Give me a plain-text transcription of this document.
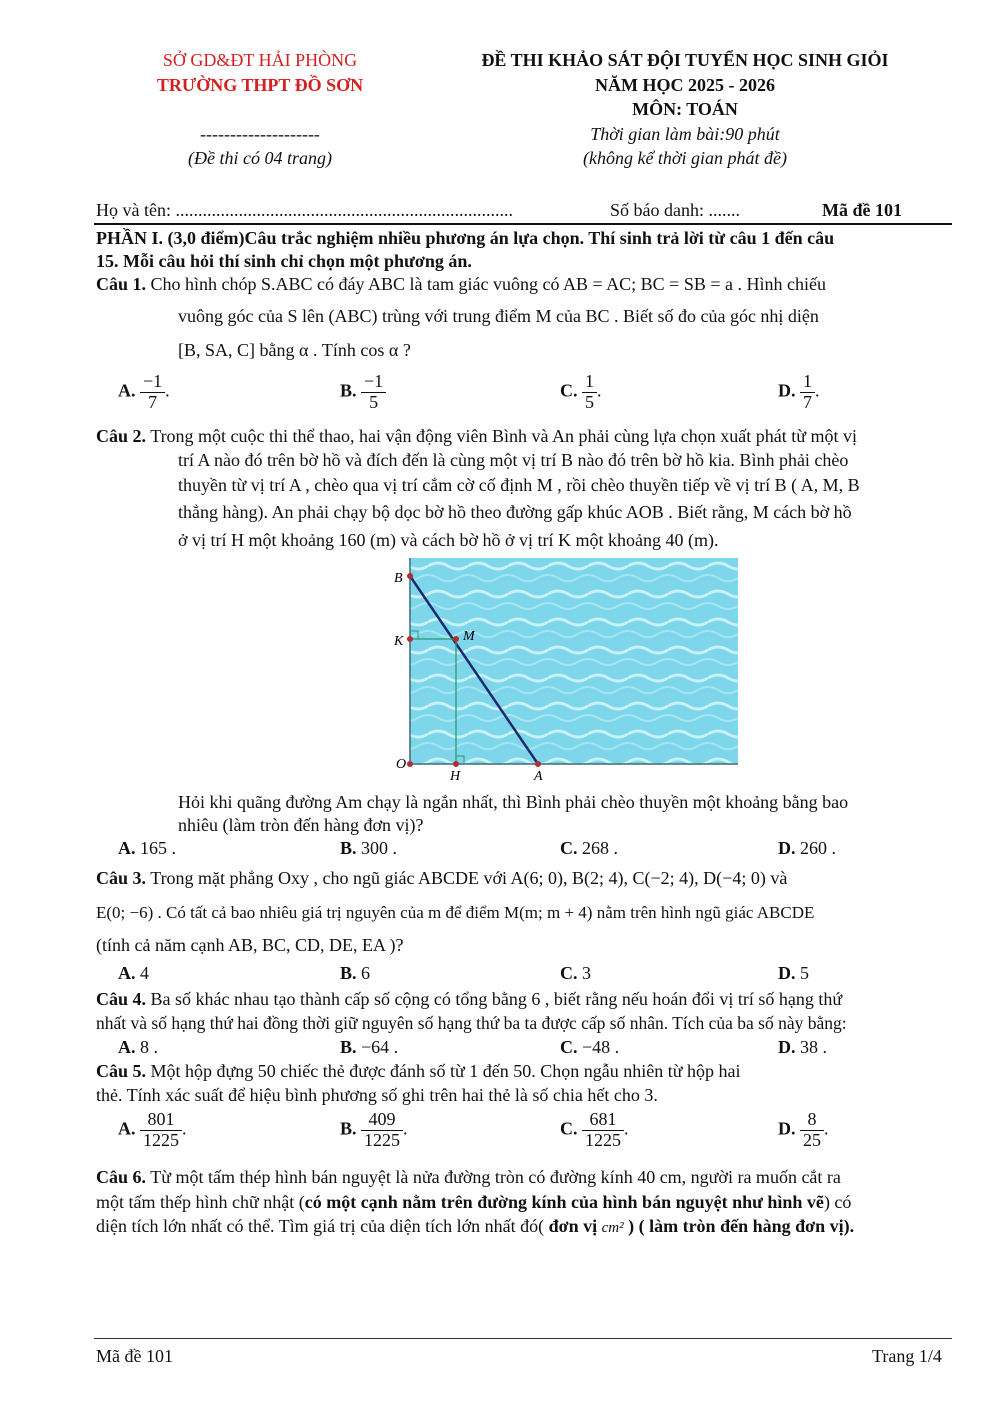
SỞ GD&ĐT HẢI PHÒNG
TRƯỜNG THPT ĐỒ SƠN
ĐỀ THI KHẢO SÁT ĐỘI TUYỂN HỌC SINH GIỎI
NĂM HỌC 2025 - 2026
MÔN: TOÁN
--------------------
(Đề thi có 04 trang)
Thời gian làm bài:90 phút
(không kể thời gian phát đề)
Họ và tên: ...........................................................................	Số báo danh: .......	Mã đề 101
PHẦN I. (3,0 điểm)Câu trắc nghiệm nhiều phương án lựa chọn. Thí sinh trả lời từ câu 1 đến câu
15. Mỗi câu hỏi thí sinh chỉ chọn một phương án.
Câu 1. Cho hình chóp S.ABC có đáy ABC là tam giác vuông có AB = AC; BC = SB = a . Hình chiếu
vuông góc của S lên (ABC) trùng với trung điểm M của BC . Biết số đo của góc nhị diện
[B, SA, C] bằng α . Tính cos α ?
A. $\frac{-1}{7}$ .	B. $\frac{-1}{5}$	C. $\frac{1}{5}$ .	D. $\frac{1}{7}$ .
Câu 2. Trong một cuộc thi thể thao, hai vận động viên Bình và An phải cùng lựa chọn xuất phát từ một vị
trí A nào đó trên bờ hồ và đích đến là cùng một vị trí B nào đó trên bờ hồ kia. Bình phải chèo
thuyền từ vị trí A , chèo qua vị trí cắm cờ cố định M , rồi chèo thuyền tiếp về vị trí B ( A, M, B
thẳng hàng). An phải chạy bộ dọc bờ hồ theo đường gấp khúc AOB . Biết rằng, M cách bờ hồ
ở vị trí H một khoảng 160 (m) và cách bờ hồ ở vị trí K một khoảng 40 (m).
B
K	M
O
H	A
Hỏi khi quãng đường Am chạy là ngắn nhất, thì Bình phải chèo thuyền một khoảng bằng bao
nhiêu (làm tròn đến hàng đơn vị)?
A. 165 .	B. 300 .	C. 268 .	D. 260 .
Câu 3. Trong mặt phẳng Oxy , cho ngũ giác ABCDE với A(6; 0), B(2; 4), C(−2; 4), D(−4; 0) và
E(0; −6) . Có tất cả bao nhiêu giá trị nguyên của m để điểm M(m; m + 4) nằm trên hình ngũ giác ABCDE
(tính cả năm cạnh AB, BC, CD, DE, EA )?
A. 4	B. 6	C. 3	D. 5
Câu 4. Ba số khác nhau tạo thành cấp số cộng có tổng bằng 6 , biết rằng nếu hoán đổi vị trí số hạng thứ
nhất và số hạng thứ hai đồng thời giữ nguyên số hạng thứ ba ta được cấp số nhân. Tích của ba số này bằng:
A. 8 .	B. −64 .	C. −48 .	D. 38 .
Câu 5. Một hộp đựng 50 chiếc thẻ được đánh số từ 1 đến 50. Chọn ngẫu nhiên từ hộp hai
thẻ. Tính xác suất để hiệu bình phương số ghi trên hai thẻ là số chia hết cho 3.
A. $\frac{801}{1225}$ .	B. $\frac{409}{1225}$ .	C. $\frac{681}{1225}$ .	D. $\frac{8}{25}$ .
Câu 6. Từ một tấm thép hình bán nguyệt là nửa đường tròn có đường kính 40 cm, người ra muốn cắt ra
một tấm thếp hình chữ nhật (có một cạnh nằm trên đường kính của hình bán nguyệt như hình vẽ) có
diện tích lớn nhất có thể. Tìm giá trị của diện tích lớn nhất đó( đơn vị cm² ) ( làm tròn đến hàng đơn vị).
Mã đề 101	Trang 1/4
